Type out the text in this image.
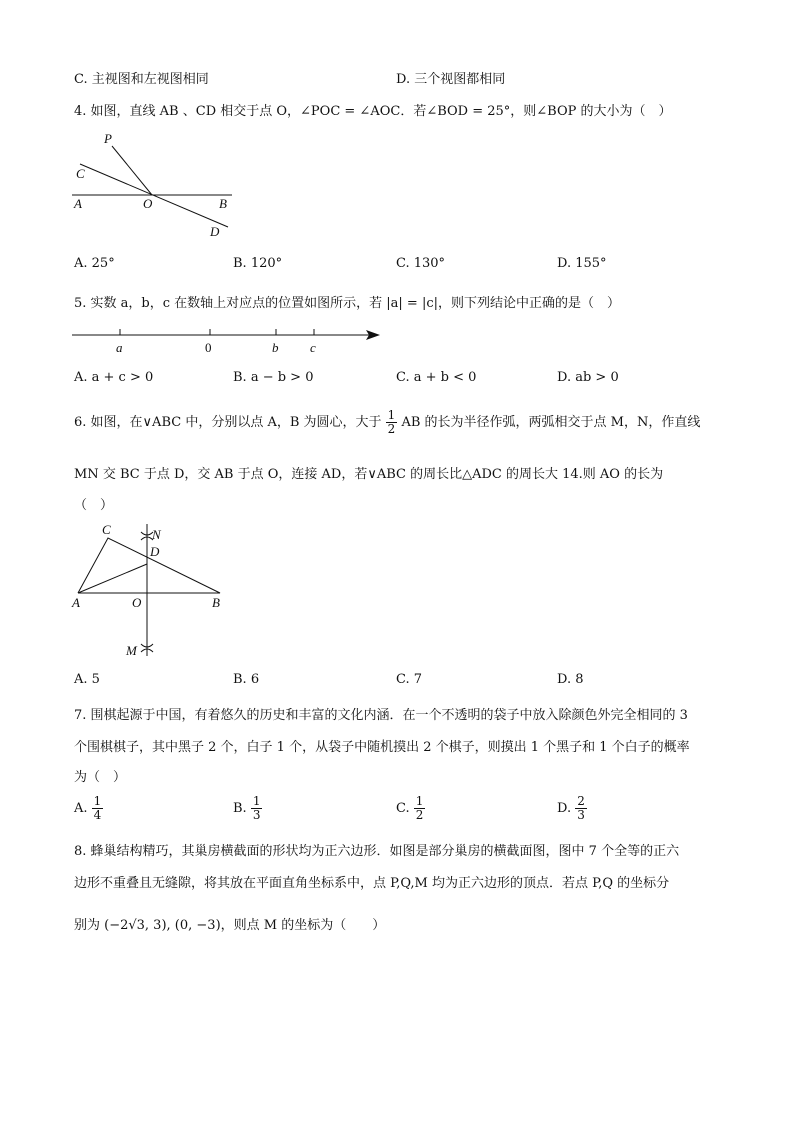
C. 主视图和左视图相同	D. 三个视图都相同
4. 如图，直线 AB 、CD 相交于点 O，∠POC = ∠AOC．若∠BOD = 25°，则∠BOP 的大小为（　）
P
C
A	O	B
D
A. 25°	B. 120°	C. 130°	D. 155°
5. 实数 a，b，c 在数轴上对应点的位置如图所示，若 |a| = |c|，则下列结论中正确的是（　）
a	0	b c
A. a + c > 0	B. a − b > 0	C. a + b < 0	D. ab > 0
6. 如图，在∨ABC 中，分别以点 A，B 为圆心，大于 $\frac{1}{2}$ AB 的长为半径作弧，两弧相交于点 M，N，作直线
MN 交 BC 于点 D，交 AB 于点 O，连接 AD，若∨ABC 的周长比△ADC 的周长大 14.则 AO 的长为
（　）
C	N
D
A	O	B
M
A. 5	B. 6	C. 7	D. 8
7. 围棋起源于中国，有着悠久的历史和丰富的文化内涵．在一个不透明的袋子中放入除颜色外完全相同的 3
个围棋棋子，其中黑子 2 个，白子 1 个，从袋子中随机摸出 2 个棋子，则摸出 1 个黑子和 1 个白子的概率
为（　）
A. $\frac{1}{4}$	B. $\frac{1}{3}$	C. $\frac{1}{2}$	D. $\frac{2}{3}$
8. 蜂巢结构精巧，其巢房横截面的形状均为正六边形．如图是部分巢房的横截面图，图中 7 个全等的正六
边形不重叠且无缝隙，将其放在平面直角坐标系中，点 P,Q,M 均为正六边形的顶点．若点 P,Q 的坐标分
别为 (−2√3, 3), (0, −3)，则点 M 的坐标为（　　）
